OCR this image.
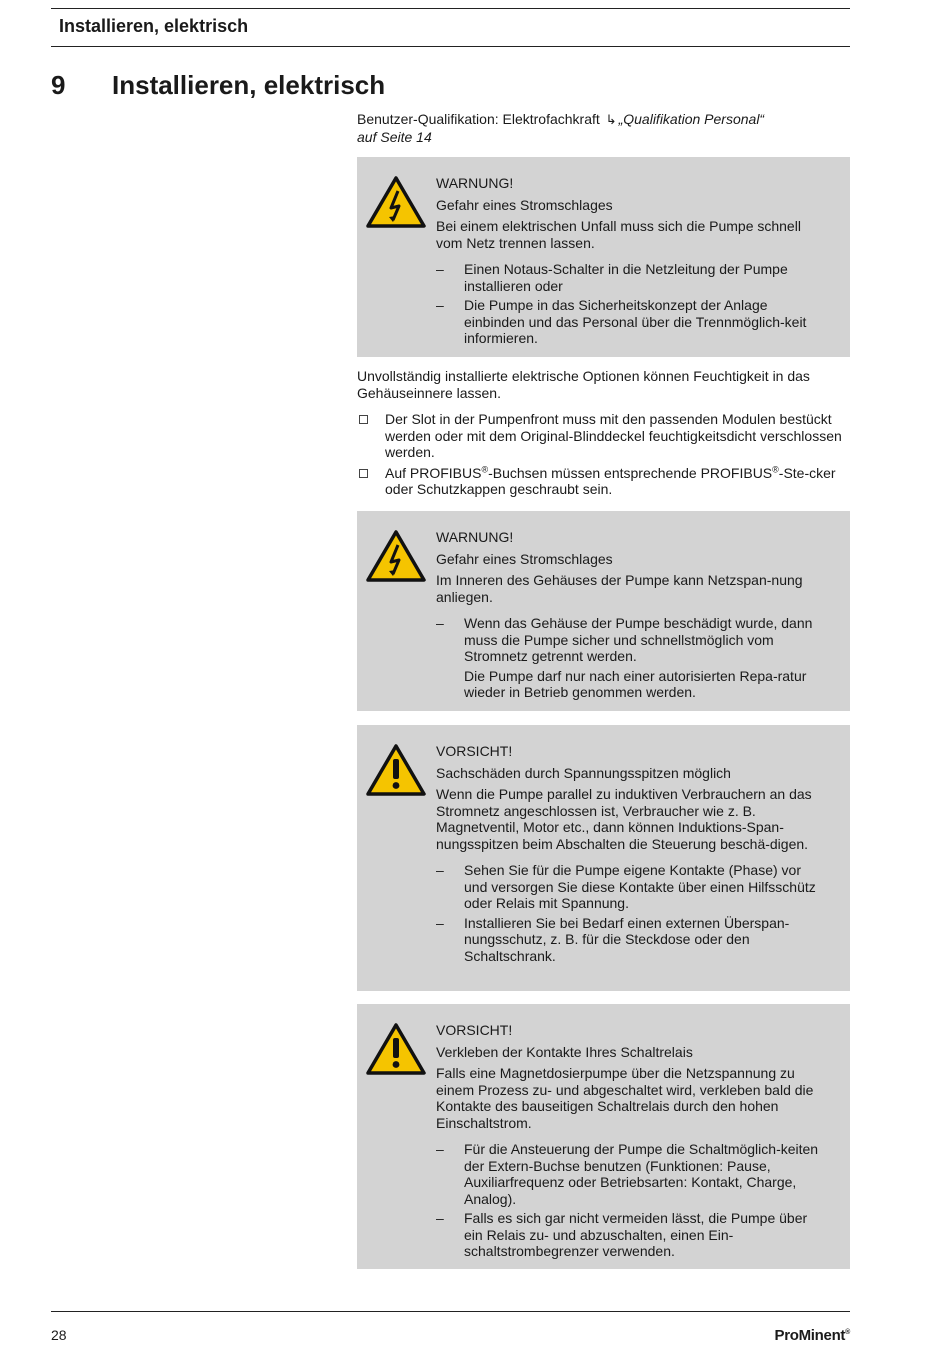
Installieren, elektrisch
9 Installieren, elektrisch
Benutzer-Qualifikation: Elektrofachkraft ↳ „Qualifikation Personal“
auf Seite 14

WARNUNG!

Gefahr eines Stromschlages

Bei einem elektrischen Unfall muss sich die Pumpe schnell vom Netz trennen lassen.

– Einen Notaus-Schalter in die Netzleitung der Pumpe installieren oder
– Die Pumpe in das Sicherheitskonzept der Anlage einbinden und das Personal über die Trennmöglich-keit informieren.

Unvollständig installierte elektrische Optionen können Feuchtigkeit in das Gehäuseinnere lassen.

Der Slot in der Pumpenfront muss mit den passenden Modulen bestückt werden oder mit dem Original-Blinddeckel feuchtigkeitsdicht verschlossen werden.
Auf PROFIBUS®-Buchsen müssen entsprechende PROFIBUS®-Ste-cker oder Schutzkappen geschraubt sein.

WARNUNG!

Gefahr eines Stromschlages

Im Inneren des Gehäuses der Pumpe kann Netzspan-nung anliegen.

– Wenn das Gehäuse der Pumpe beschädigt wurde, dann muss die Pumpe sicher und schnellstmöglich vom Stromnetz getrennt werden.

Die Pumpe darf nur nach einer autorisierten Repa-ratur wieder in Betrieb genommen werden.

VORSICHT!

Sachschäden durch Spannungsspitzen möglich

Wenn die Pumpe parallel zu induktiven Verbrauchern an das Stromnetz angeschlossen ist, Verbraucher wie z. B. Magnetventil, Motor etc., dann können Induktions-Span-nungsspitzen beim Abschalten die Steuerung beschä-digen.

– Sehen Sie für die Pumpe eigene Kontakte (Phase) vor und versorgen Sie diese Kontakte über einen Hilfsschütz oder Relais mit Spannung.
– Installieren Sie bei Bedarf einen externen Überspan-nungsschutz, z. B. für die Steckdose oder den Schaltschrank.

VORSICHT!

Verkleben der Kontakte Ihres Schaltrelais

Falls eine Magnetdosierpumpe über die Netzspannung zu einem Prozess zu- und abgeschaltet wird, verkleben bald die Kontakte des bauseitigen Schaltrelais durch den hohen Einschaltstrom.

– Für die Ansteuerung der Pumpe die Schaltmöglich-keiten der Extern-Buchse benutzen (Funktionen: Pause, Auxiliarfrequenz oder Betriebsarten: Kontakt, Charge, Analog).
– Falls es sich gar nicht vermeiden lässt, die Pumpe über ein Relais zu- und abzuschalten, einen Ein-schaltstrombegrenzer verwenden.
28	ProMinent®
